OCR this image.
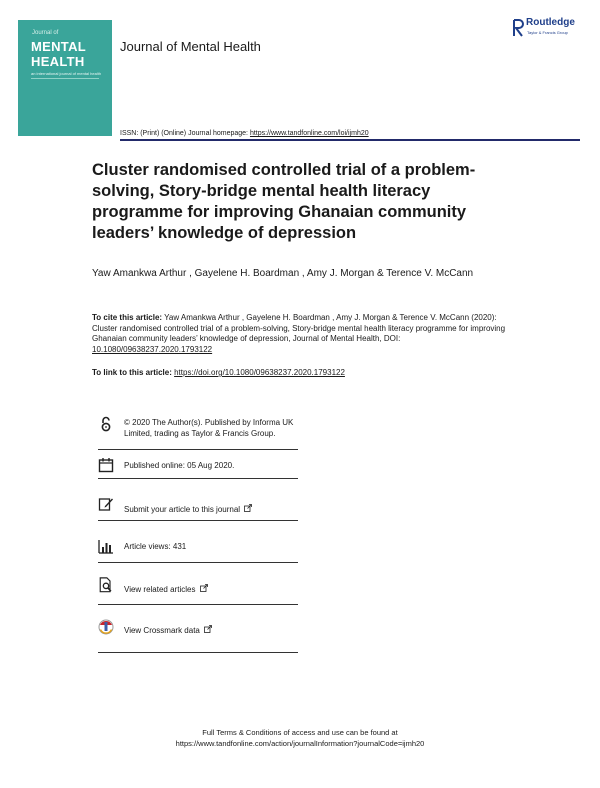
Journal of
MENTAL
HEALTH
an international journal of mental health
Journal of Mental Health
Routledge
Taylor & Francis Group
ISSN: (Print) (Online) Journal homepage: https://www.tandfonline.com/loi/ijmh20
Cluster randomised controlled trial of a problem-solving, Story-bridge mental health literacy programme for improving Ghanaian community leaders’ knowledge of depression
Yaw Amankwa Arthur , Gayelene H. Boardman , Amy J. Morgan & Terence V. McCann
To cite this article: Yaw Amankwa Arthur , Gayelene H. Boardman , Amy J. Morgan & Terence V. McCann (2020): Cluster randomised controlled trial of a problem-solving, Story-bridge mental health literacy programme for improving Ghanaian community leaders’ knowledge of depression, Journal of Mental Health, DOI: 10.1080/09638237.2020.1793122
To link to this article: https://doi.org/10.1080/09638237.2020.1793122
© 2020 The Author(s). Published by Informa UK Limited, trading as Taylor & Francis Group.
Published online: 05 Aug 2020.
Submit your article to this journal
Article views: 431
View related articles
View Crossmark data
Full Terms & Conditions of access and use can be found at
https://www.tandfonline.com/action/journalInformation?journalCode=ijmh20
